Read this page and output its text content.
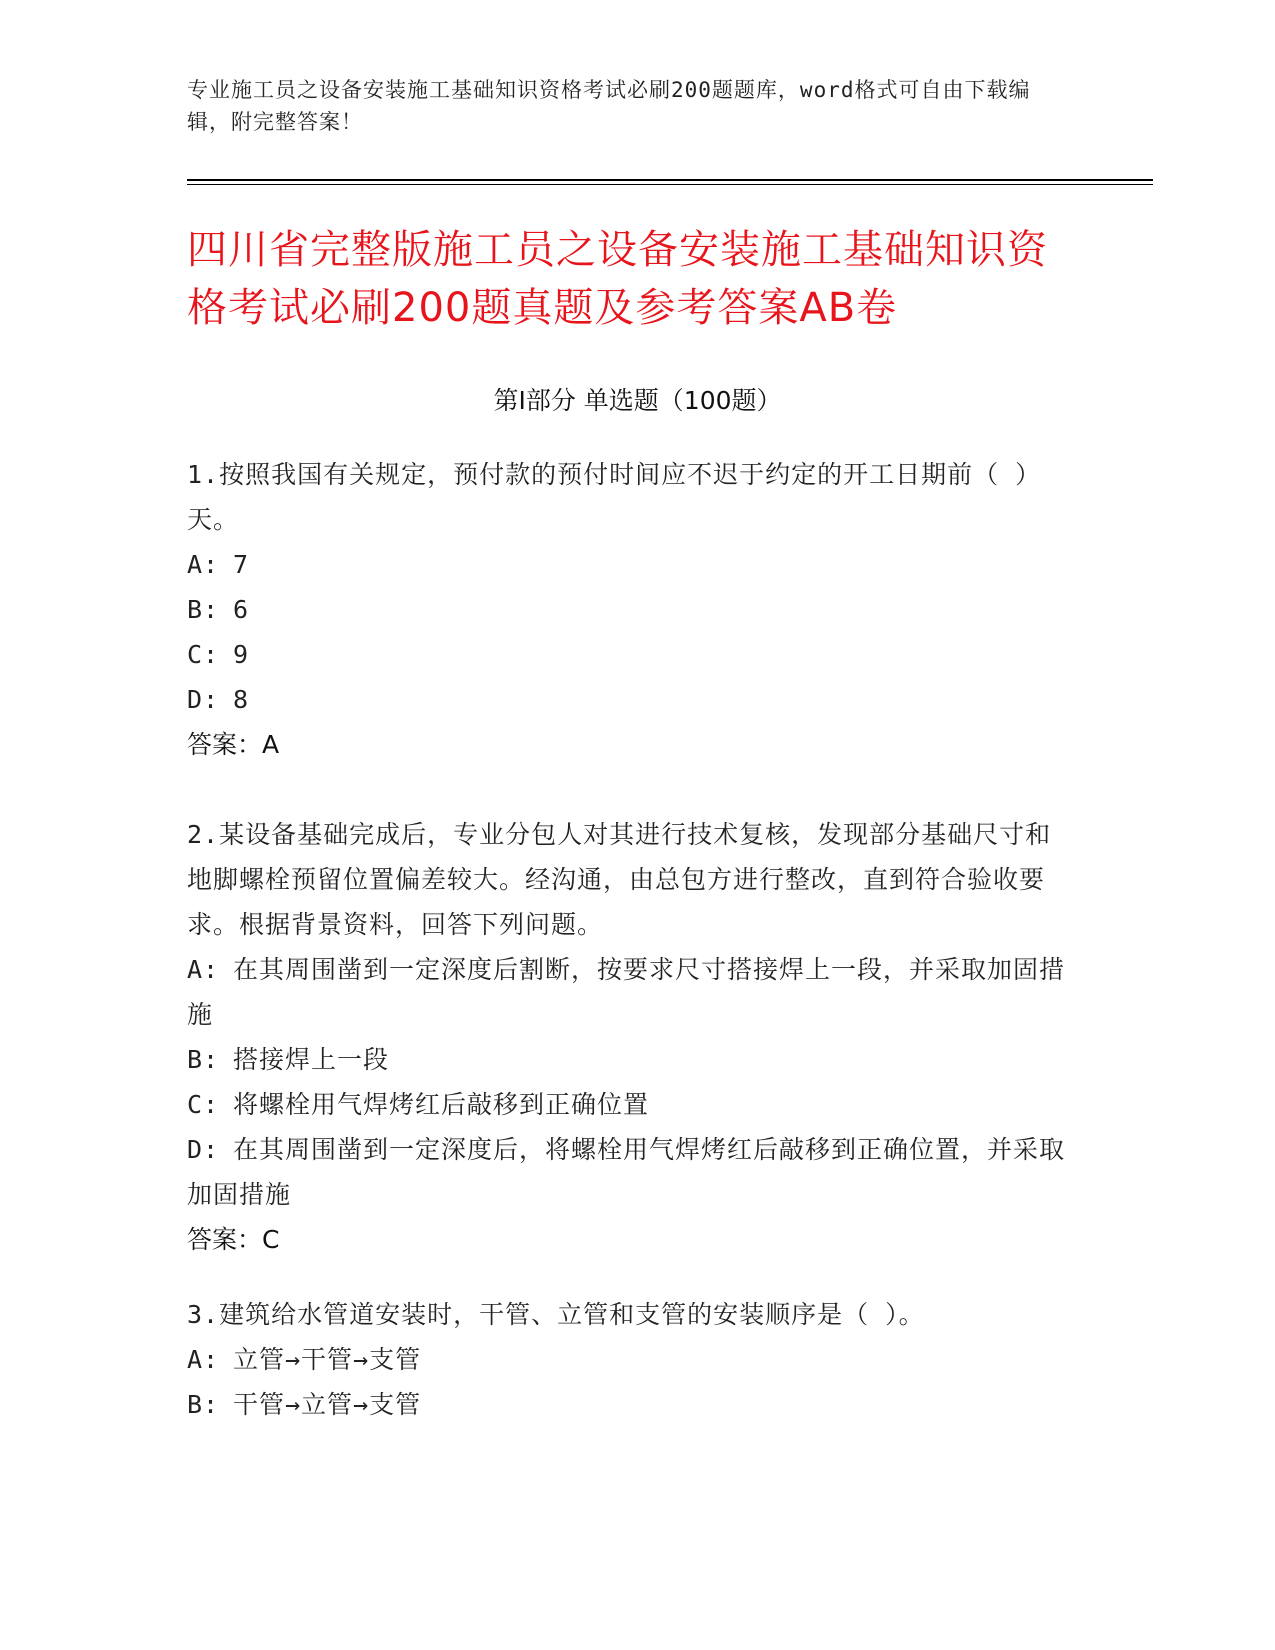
专业施工员之设备安装施工基础知识资格考试必刷200题题库，word格式可自由下载编辑，附完整答案！
四川省完整版施工员之设备安装施工基础知识资格考试必刷200题真题及参考答案AB卷
第Ⅰ部分 单选题（100题）
1.按照我国有关规定，预付款的预付时间应不迟于约定的开工日期前（ ）天。
A: 7
B: 6
C: 9
D: 8
答案：A
2.某设备基础完成后，专业分包人对其进行技术复核，发现部分基础尺寸和地脚螺栓预留位置偏差较大。经沟通，由总包方进行整改，直到符合验收要求。根据背景资料，回答下列问题。
A: 在其周围凿到一定深度后割断，按要求尺寸搭接焊上一段，并采取加固措施
B: 搭接焊上一段
C: 将螺栓用气焊烤红后敲移到正确位置
D: 在其周围凿到一定深度后，将螺栓用气焊烤红后敲移到正确位置，并采取加固措施
答案：C
3.建筑给水管道安装时，干管、立管和支管的安装顺序是（ ）。
A: 立管→干管→支管
B: 干管→立管→支管
